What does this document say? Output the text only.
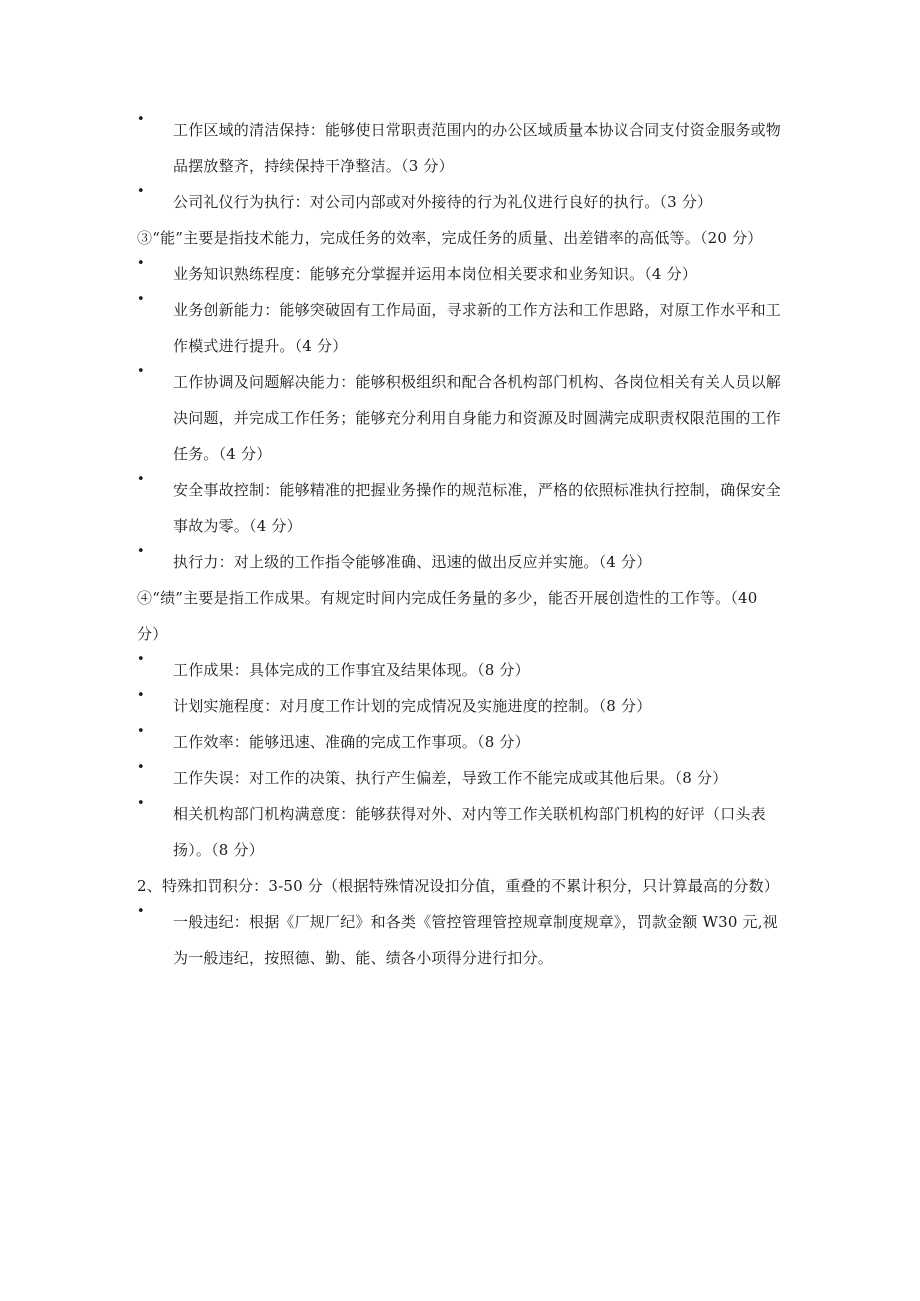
•
工作区域的清洁保持：能够使日常职责范围内的办公区域质量本协议合同支付资金服务或物
品摆放整齐，持续保持干净整洁。（3 分）
•
公司礼仪行为执行：对公司内部或对外接待的行为礼仪进行良好的执行。（3 分）
③“能”主要是指技术能力，完成任务的效率，完成任务的质量、出差错率的高低等。（20 分）
•
业务知识熟练程度：能够充分掌握并运用本岗位相关要求和业务知识。（4 分）
•
业务创新能力：能够突破固有工作局面，寻求新的工作方法和工作思路，对原工作水平和工
作模式进行提升。（4 分）
•
工作协调及问题解决能力：能够积极组织和配合各机构部门机构、各岗位相关有关人员以解
决问题，并完成工作任务；能够充分利用自身能力和资源及时圆满完成职责权限范围的工作
任务。（4 分）
•
安全事故控制：能够精准的把握业务操作的规范标准，严格的依照标准执行控制，确保安全
事故为零。（4 分）
•
执行力：对上级的工作指令能够准确、迅速的做出反应并实施。（4 分）
④“绩”主要是指工作成果。有规定时间内完成任务量的多少，能否开展创造性的工作等。（40
分）
•
工作成果：具体完成的工作事宜及结果体现。（8 分）
•
计划实施程度：对月度工作计划的完成情况及实施进度的控制。（8 分）
•
工作效率：能够迅速、准确的完成工作事项。（8 分）
•
工作失误：对工作的决策、执行产生偏差，导致工作不能完成或其他后果。（8 分）
•
相关机构部门机构满意度：能够获得对外、对内等工作关联机构部门机构的好评（口头表
扬）。（8 分）
2、特殊扣罚积分：3-50 分（根据特殊情况设扣分值，重叠的不累计积分，只计算最高的分数）
•
一般违纪：根据《厂规厂纪》和各类《管控管理管控规章制度规章》，罚款金额 W30 元,视
为一般违纪，按照德、勤、能、绩各小项得分进行扣分。
